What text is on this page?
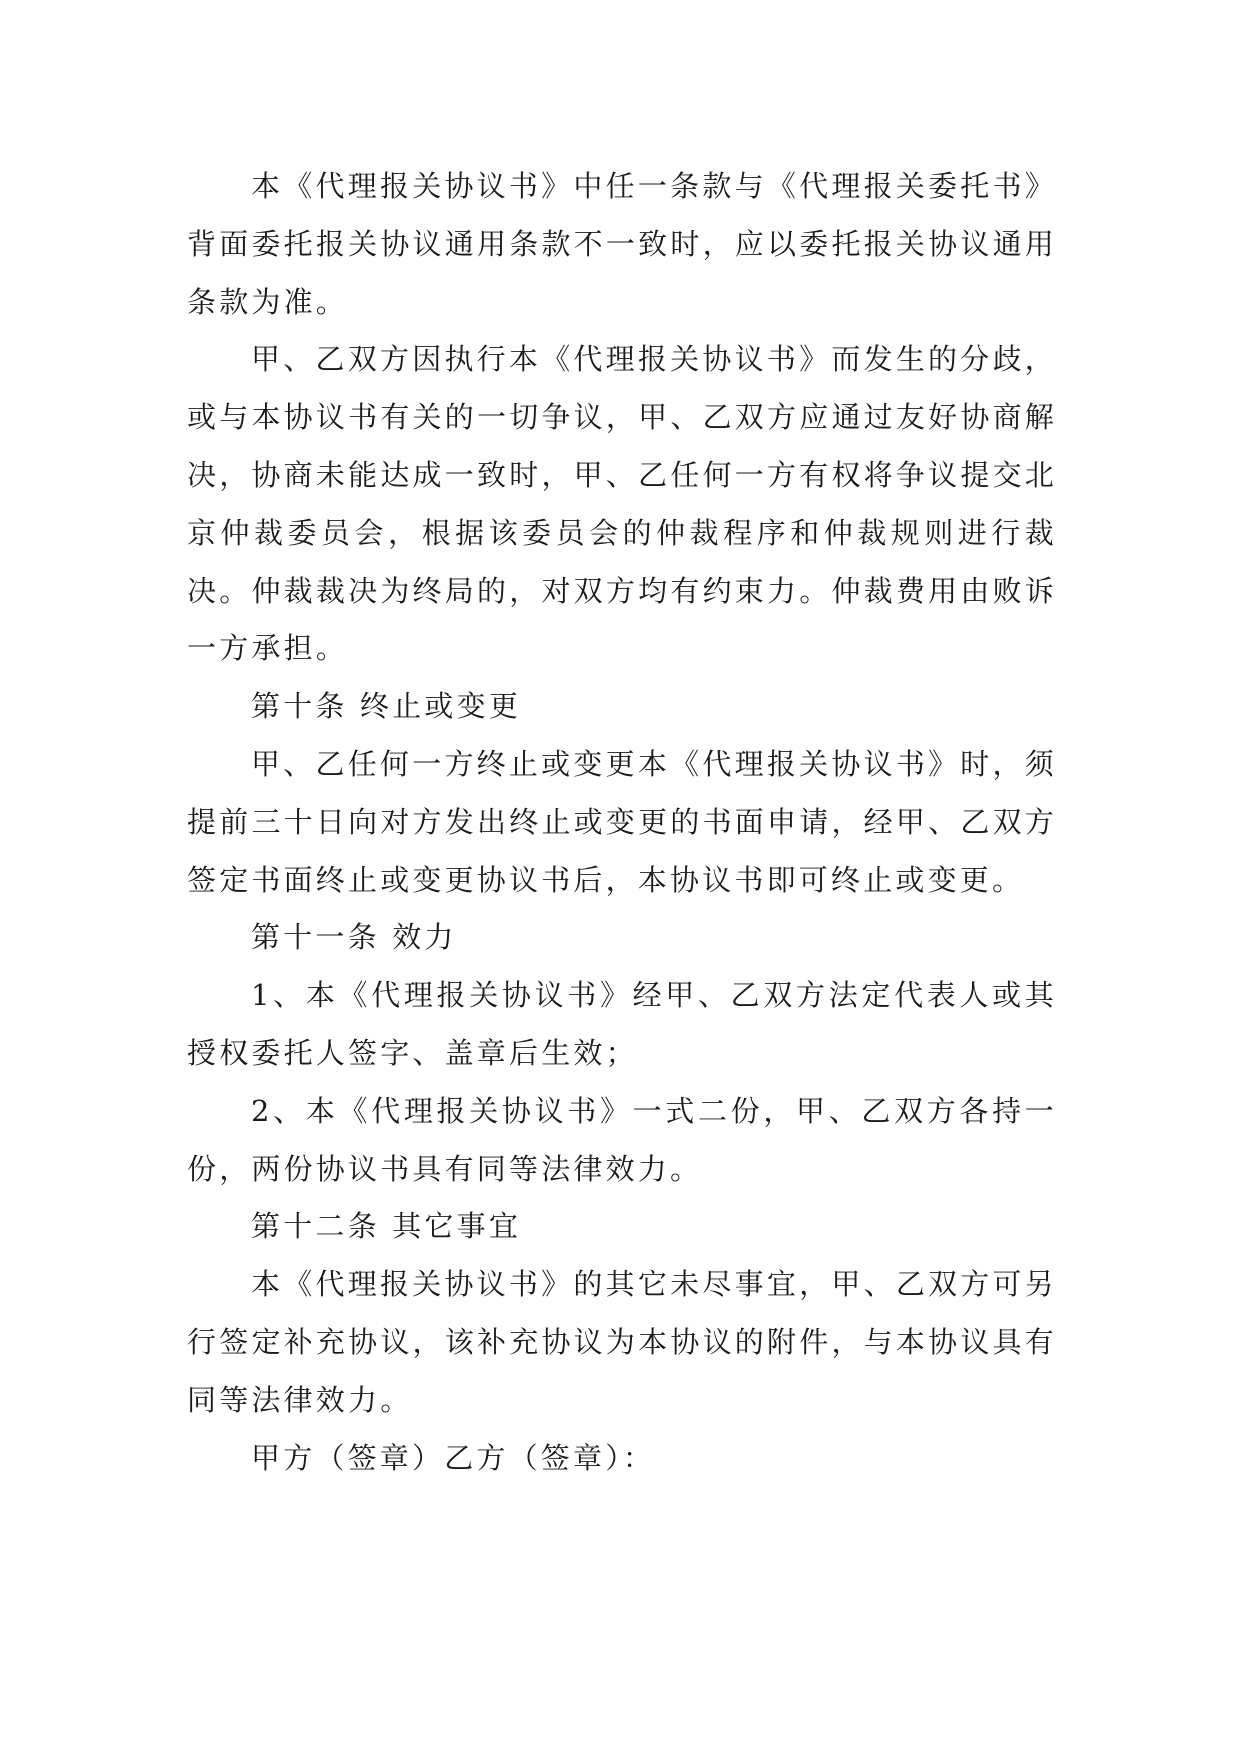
本《代理报关协议书》中任一条款与《代理报关委托书》背面委托报关协议通用条款不一致时，应以委托报关协议通用条款为准。

甲、乙双方因执行本《代理报关协议书》而发生的分歧，或与本协议书有关的一切争议，甲、乙双方应通过友好协商解决，协商未能达成一致时，甲、乙任何一方有权将争议提交北京仲裁委员会，根据该委员会的仲裁程序和仲裁规则进行裁决。仲裁裁决为终局的，对双方均有约束力。仲裁费用由败诉一方承担。

第十条 终止或变更

甲、乙任何一方终止或变更本《代理报关协议书》时，须提前三十日向对方发出终止或变更的书面申请，经甲、乙双方签定书面终止或变更协议书后，本协议书即可终止或变更。

第十一条 效力

1、本《代理报关协议书》经甲、乙双方法定代表人或其授权委托人签字、盖章后生效；

2、本《代理报关协议书》一式二份，甲、乙双方各持一份，两份协议书具有同等法律效力。

第十二条 其它事宜

本《代理报关协议书》的其它未尽事宜，甲、乙双方可另行签定补充协议，该补充协议为本协议的附件，与本协议具有同等法律效力。

甲方（签章）乙方（签章）：
